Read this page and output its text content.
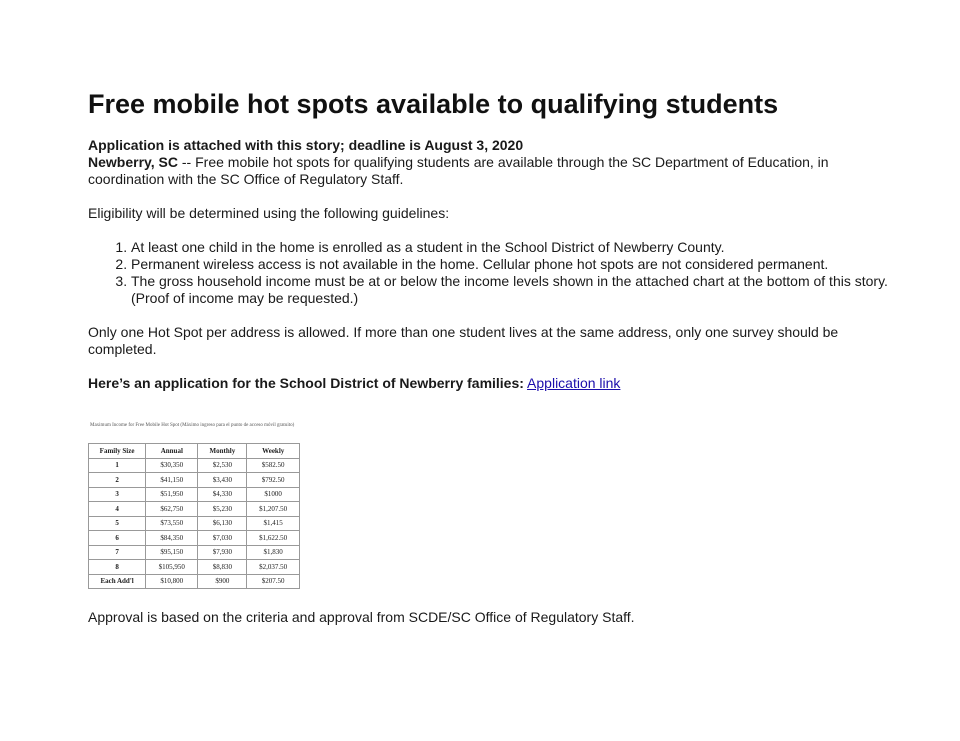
Free mobile hot spots available to qualifying students
Application is attached with this story; deadline is August 3, 2020

Newberry, SC -- Free mobile hot spots for qualifying students are available through the SC Department of Education, in coordination with the SC Office of Regulatory Staff.

Eligibility will be determined using the following guidelines:

1. At least one child in the home is enrolled as a student in the School District of Newberry County.
2. Permanent wireless access is not available in the home. Cellular phone hot spots are not considered permanent.
3. The gross household income must be at or below the income levels shown in the attached chart at the bottom of this story. (Proof of income may be requested.)

Only one Hot Spot per address is allowed. If more than one student lives at the same address, only one survey should be completed.

Here’s an application for the School District of Newberry families: Application link

Maximum Income for Free Mobile Hot Spot (Máximo ingreso para el punto de acceso móvil gratuito)
Family Size	Annual	Monthly	Weekly
1	$30,350	$2,530	$582.50
2	$41,150	$3,430	$792.50
3	$51,950	$4,330	$1000
4	$62,750	$5,230	$1,207.50
5	$73,550	$6,130	$1,415
6	$84,350	$7,030	$1,622.50
7	$95,150	$7,930	$1,830
8	$105,950	$8,830	$2,037.50
Each Add'l	$10,800	$900	$207.50

Approval is based on the criteria and approval from SCDE/SC Office of Regulatory Staff.
